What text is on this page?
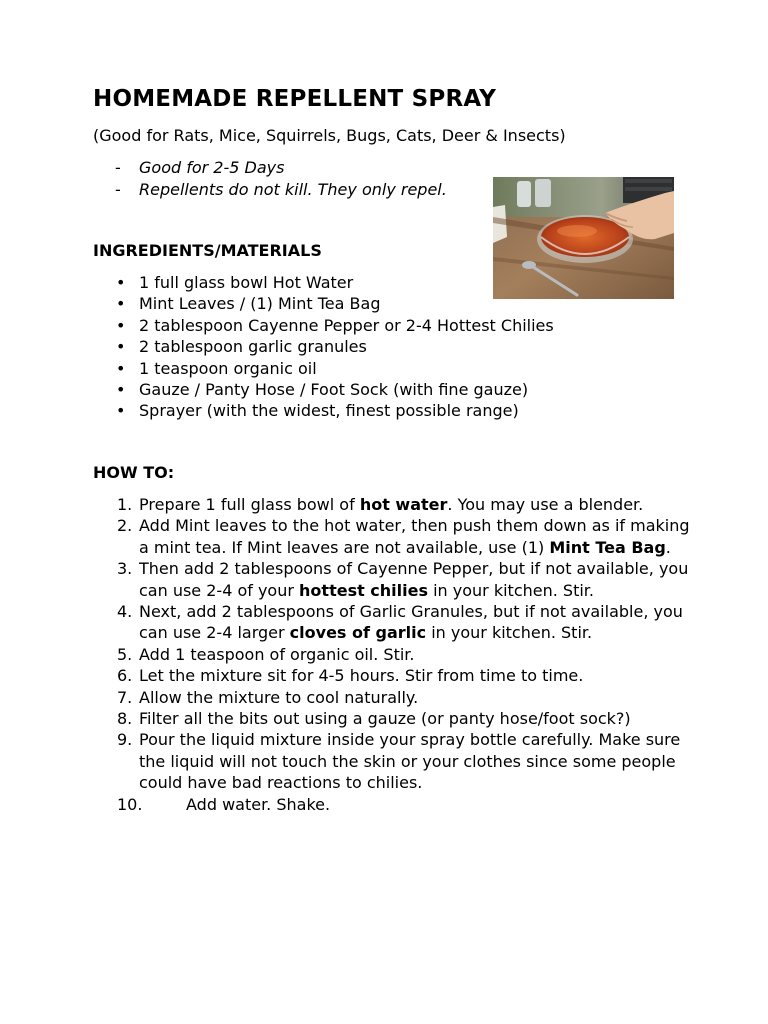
HOMEMADE REPELLENT SPRAY

(Good for Rats, Mice, Squirrels, Bugs, Cats, Deer & Insects)

- Good for 2-5 Days
- Repellents do not kill. They only repel.
INGREDIENTS/MATERIALS
• 1 full glass bowl Hot Water
• Mint Leaves / (1) Mint Tea Bag
• 2 tablespoon Cayenne Pepper or 2-4 Hottest Chilies
• 2 tablespoon garlic granules
• 1 teaspoon organic oil
• Gauze / Panty Hose / Foot Sock (with fine gauze)
• Sprayer (with the widest, finest possible range)
HOW TO:
1. Prepare 1 full glass bowl of hot water. You may use a blender.
2. Add Mint leaves to the hot water, then push them down as if making a mint tea. If Mint leaves are not available, use (1) Mint Tea Bag.
3. Then add 2 tablespoons of Cayenne Pepper, but if not available, you can use 2-4 of your hottest chilies in your kitchen. Stir.
4. Next, add 2 tablespoons of Garlic Granules, but if not available, you can use 2-4 larger cloves of garlic in your kitchen. Stir.
5. Add 1 teaspoon of organic oil. Stir.
6. Let the mixture sit for 4-5 hours. Stir from time to time.
7. Allow the mixture to cool naturally.
8. Filter all the bits out using a gauze (or panty hose/foot sock?)
9. Pour the liquid mixture inside your spray bottle carefully. Make sure the liquid will not touch the skin or your clothes since some people could have bad reactions to chilies.
10.	Add water. Shake.
